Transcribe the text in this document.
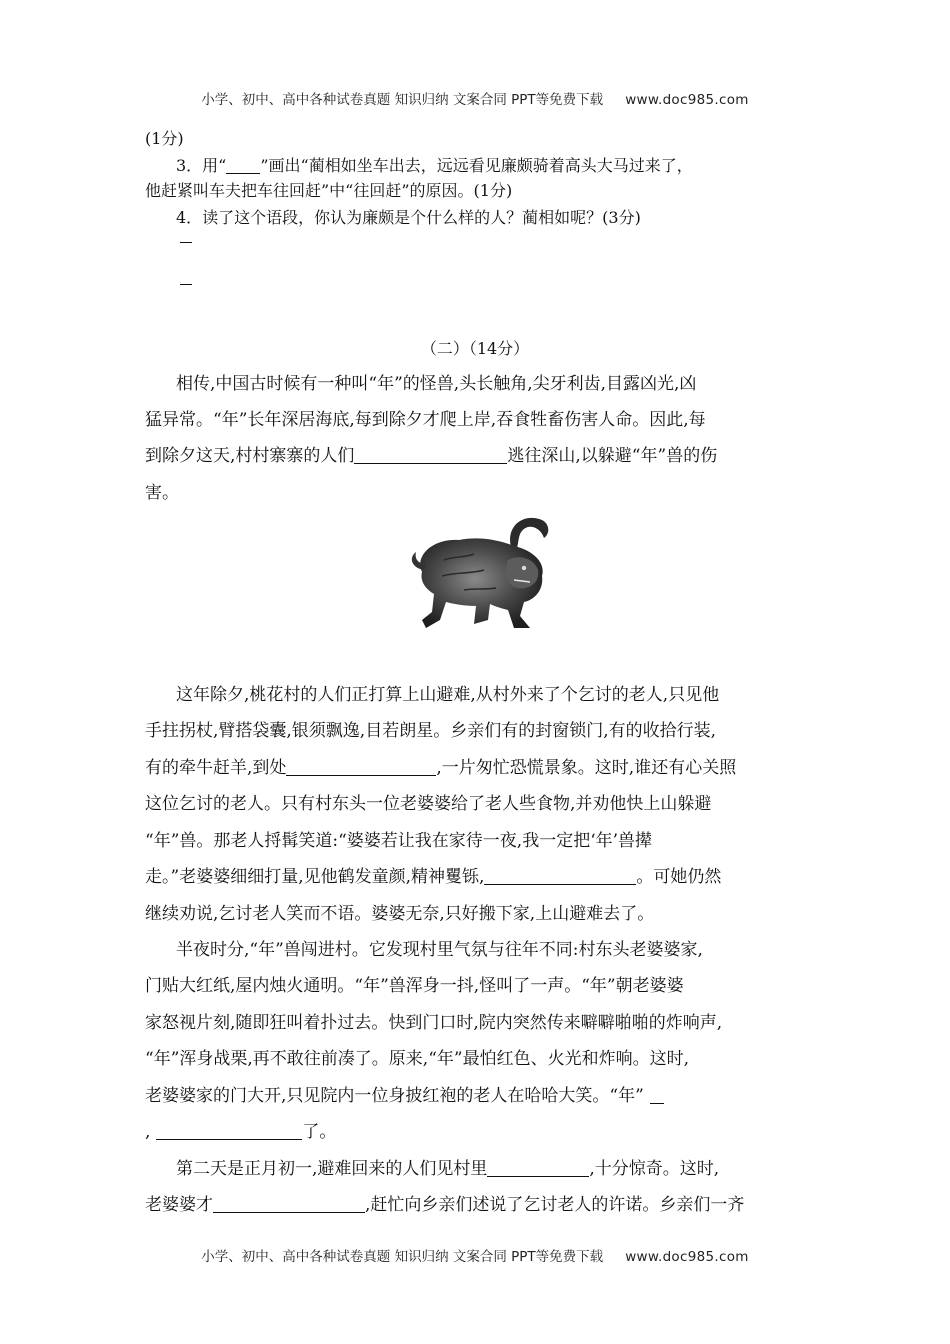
小学、初中、高中各种试卷真题 知识归纳 文案合同 PPT等免费下载 www.doc985.com
(1分)
3．用“ ”画出“蔺相如坐车出去，远远看见廉颇骑着高头大马过来了，
他赶紧叫车夫把车往回赶”中“往回赶”的原因。(1分)
4．读了这个语段，你认为廉颇是个什么样的人？蔺相如呢？(3分)
（二）（14分）
相传,中国古时候有一种叫“年”的怪兽,头长触角,尖牙利齿,目露凶光,凶
猛异常。“年”长年深居海底,每到除夕才爬上岸,吞食牲畜伤害人命。因此,每
到除夕这天,村村寨寨的人们	逃往深山,以躲避“年”兽的伤
害。
这年除夕,桃花村的人们正打算上山避难,从村外来了个乞讨的老人,只见他
手拄拐杖,臂搭袋囊,银须飘逸,目若朗星。乡亲们有的封窗锁门,有的收拾行装,
有的牵牛赶羊,到处	,一片匆忙恐慌景象。这时,谁还有心关照
这位乞讨的老人。只有村东头一位老婆婆给了老人些食物,并劝他快上山躲避
“年”兽。那老人捋髯笑道:“婆婆若让我在家待一夜,我一定把‘年’兽撵
走。”老婆婆细细打量,见他鹤发童颜,精神矍铄,	。可她仍然
继续劝说,乞讨老人笑而不语。婆婆无奈,只好搬下家,上山避难去了。
半夜时分,“年”兽闯进村。它发现村里气氛与往年不同:村东头老婆婆家,
门贴大红纸,屋内烛火通明。“年”兽浑身一抖,怪叫了一声。“年”朝老婆婆
家怒视片刻,随即狂叫着扑过去。快到门口时,院内突然传来噼噼啪啪的炸响声,
“年”浑身战栗,再不敢往前凑了。原来,“年”最怕红色、火光和炸响。这时,
老婆婆家的门大开,只见院内一位身披红袍的老人在哈哈大笑。“年”
,	了。
第二天是正月初一,避难回来的人们见村里	,十分惊奇。这时,
老婆婆才	,赶忙向乡亲们述说了乞讨老人的许诺。乡亲们一齐
小学、初中、高中各种试卷真题 知识归纳 文案合同 PPT等免费下载 www.doc985.com
